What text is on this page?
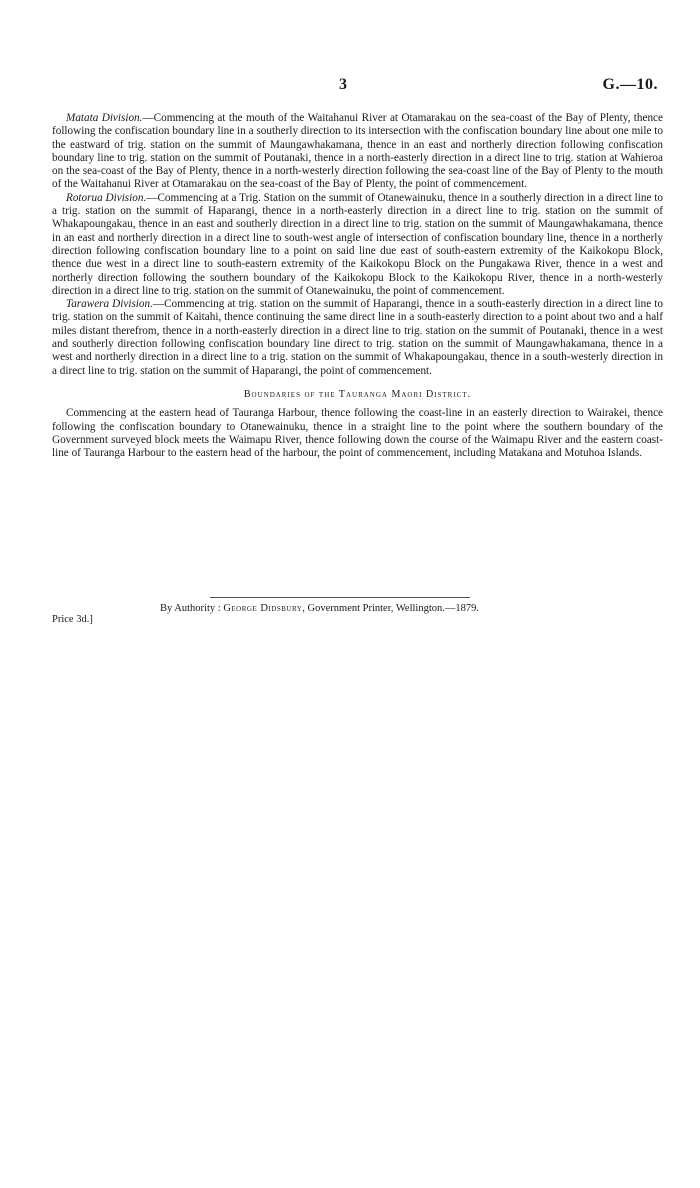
3	G.—10.

Matata Division.—Commencing at the mouth of the Waitahanui River at Otamarakau on the sea-coast of the Bay of Plenty, thence following the confiscation boundary line in a southerly direction to its intersection with the confiscation boundary line about one mile to the eastward of trig. station on the summit of Maungawhakamana, thence in an east and northerly direction following confiscation boundary line to trig. station on the summit of Poutanaki, thence in a north-easterly direction in a direct line to trig. station at Wahieroa on the sea-coast of the Bay of Plenty, thence in a north-westerly direction following the sea-coast line of the Bay of Plenty to the mouth of the Waitahanui River at Otamarakau on the sea-coast of the Bay of Plenty, the point of commencement.

Rotorua Division.—Commencing at a Trig. Station on the summit of Otanewainuku, thence in a southerly direction in a direct line to a trig. station on the summit of Haparangi, thence in a north-easterly direction in a direct line to trig. station on the summit of Whakapoungakau, thence in an east and southerly direction in a direct line to trig. station on the summit of Maungawhakamana, thence in an east and northerly direction in a direct line to south-west angle of intersection of confiscation boundary line, thence in a northerly direction following confiscation boundary line to a point on said line due east of south-eastern extremity of the Kaikokopu Block, thence due west in a direct line to south-eastern extremity of the Kaikokopu Block on the Pungakawa River, thence in a west and northerly direction following the southern boundary of the Kaikokopu Block to the Kaikokopu River, thence in a north-westerly direction in a direct line to trig. station on the summit of Otanewainuku, the point of commencement.

Tarawera Division.—Commencing at trig. station on the summit of Haparangi, thence in a south-easterly direction in a direct line to trig. station on the summit of Kaitahi, thence continuing the same direct line in a south-easterly direction to a point about two and a half miles distant therefrom, thence in a north-easterly direction in a direct line to trig. station on the summit of Poutanaki, thence in a west and southerly direction following confiscation boundary line direct to trig. station on the summit of Maungawhakamana, thence in a west and northerly direction in a direct line to a trig. station on the summit of Whakapoungakau, thence in a south-westerly direction in a direct line to trig. station on the summit of Haparangi, the point of commencement.

Boundaries of the Tauranga Maori District.

Commencing at the eastern head of Tauranga Harbour, thence following the coast-line in an easterly direction to Wairakei, thence following the confiscation boundary to Otanewainuku, thence in a straight line to the point where the southern boundary of the Government surveyed block meets the Waimapu River, thence following down the course of the Waimapu River and the eastern coast-line of Tauranga Harbour to the eastern head of the harbour, the point of commencement, including Matakana and Motuhoa Islands.

By Authority : George Didsbury, Government Printer, Wellington.—1879.
Price 3d.]
